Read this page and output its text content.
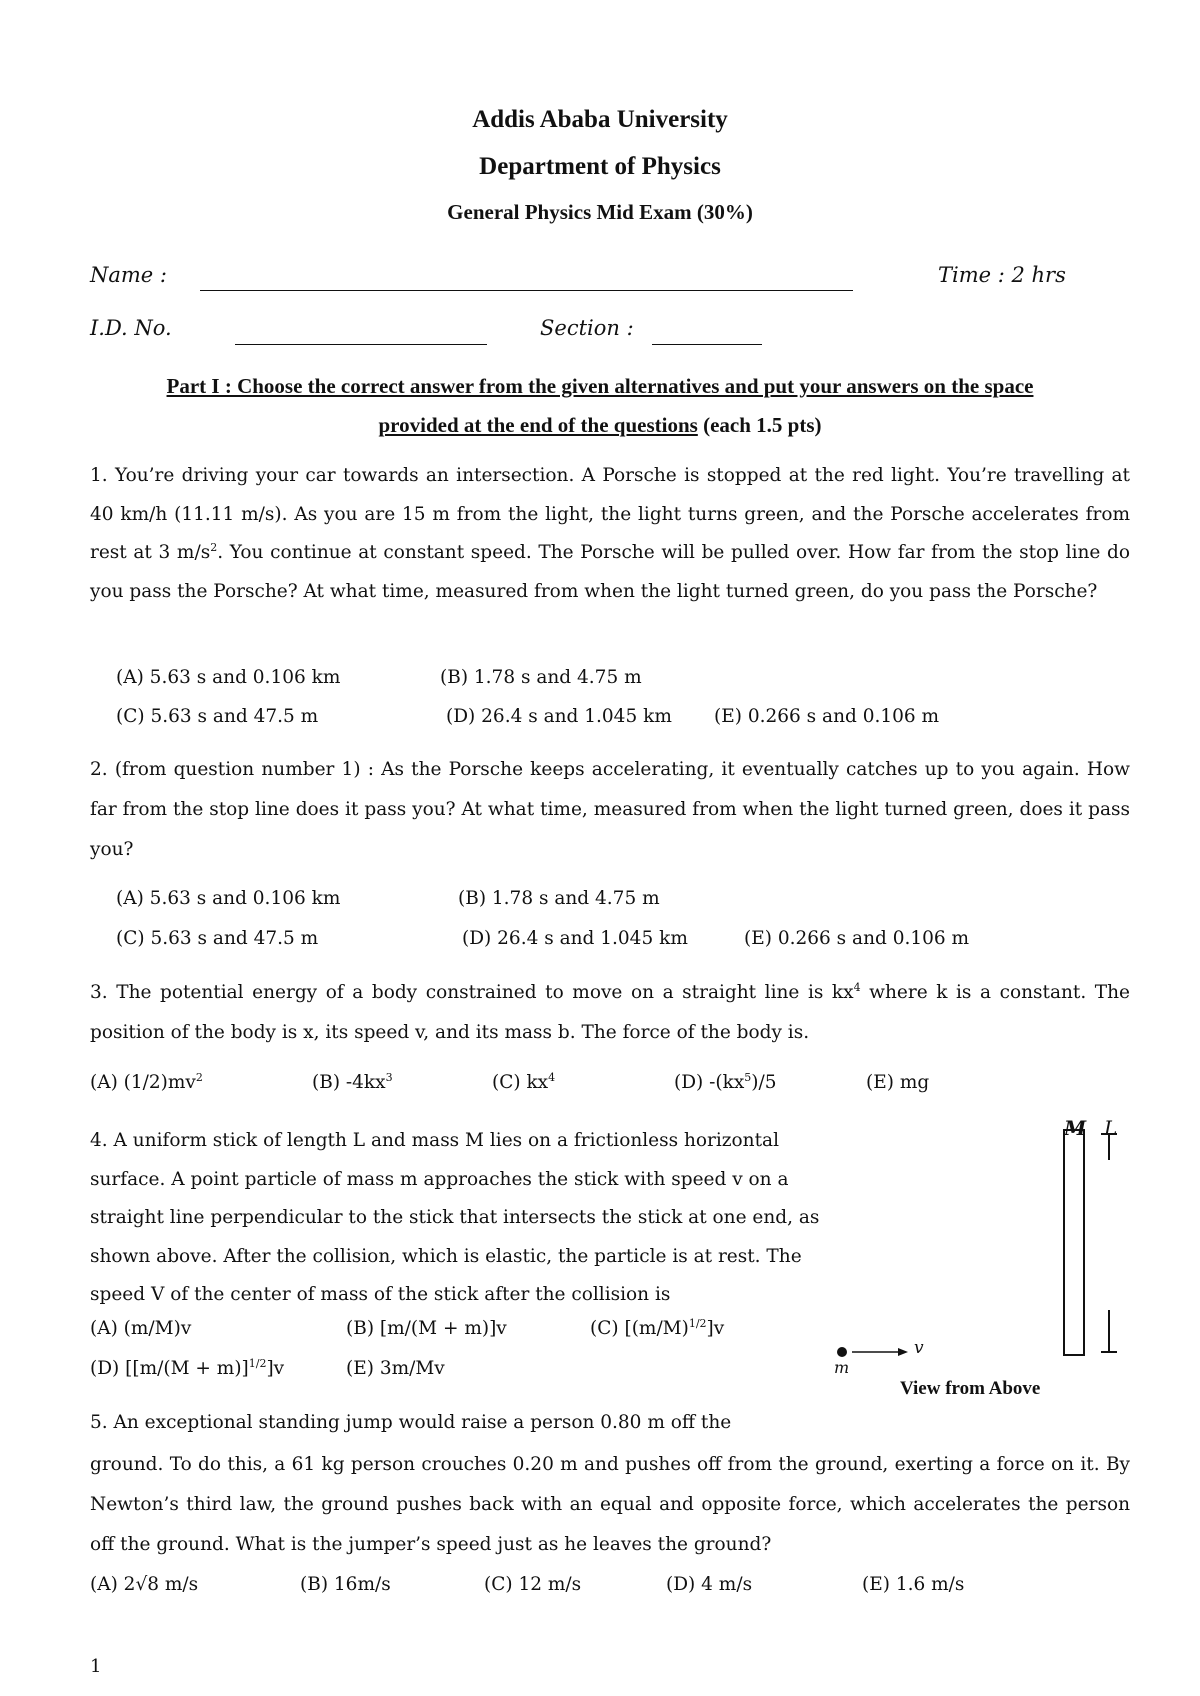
Addis Ababa University
Department of Physics
General Physics Mid Exam (30%)
Name :	Time : 2 hrs
I.D. No.	Section :
Part I : Choose the correct answer from the given alternatives and put your answers on the space
provided at the end of the questions (each 1.5 pts)
1. You’re driving your car towards an intersection. A Porsche is stopped at the red light. You’re travelling at 40 km/h (11.11 m/s). As you are 15 m from the light, the light turns green, and the Porsche accelerates from rest at 3 $m/s^2$. You continue at constant speed. The Porsche will be pulled over. How far from the stop line do you pass the Porsche? At what time, measured from when the light turned green, do you pass the Porsche?
(A) 5.63 s and 0.106 km	(B) 1.78 s and 4.75 m
(C) 5.63 s and 47.5 m	(D) 26.4 s and 1.045 km (E) 0.266 s and 0.106 m
2. (from question number 1) : As the Porsche keeps accelerating, it eventually catches up to you again. How far from the stop line does it pass you? At what time, measured from when the light turned green, does it pass you?
(A) 5.63 s and 0.106 km	(B) 1.78 s and 4.75 m
(C) 5.63 s and 47.5 m	(D) 26.4 s and 1.045 km	(E) 0.266 s and 0.106 m
3. The potential energy of a body constrained to move on a straight line is $kx^4$ where k is a constant. The position of the body is x, its speed v, and its mass b. The force of the body is.
(A) $(1/2)mv^2$	(B) $-4kx^3$	(C) $kx^4$	(D) $-(kx^5)/5$	(E) mg
4. A uniform stick of length L and mass M lies on a frictionless horizontal
surface. A point particle of mass m approaches the stick with speed v on a
straight line perpendicular to the stick that intersects the stick at one end, as
shown above. After the collision, which is elastic, the particle is at rest. The
speed V of the center of mass of the stick after the collision is
(A) (m/M)v	(B) [m/(M + m)]v	(C) $[(m/M)^{1/2}]v$
(D) $[[m/(M + m)]^{1/2}]v$	(E) 3m/Mv
M L
m
v
View from Above
5. An exceptional standing jump would raise a person 0.80 m off the
ground. To do this, a 61 kg person crouches 0.20 m and pushes off from the ground, exerting a force on it. By Newton’s third law, the ground pushes back with an equal and opposite force, which accelerates the person off the ground. What is the jumper’s speed just as he leaves the ground?
(A) 2√8 m/s	(B) 16m/s	(C) 12 m/s	(D) 4 m/s	(E) 1.6 m/s
1
